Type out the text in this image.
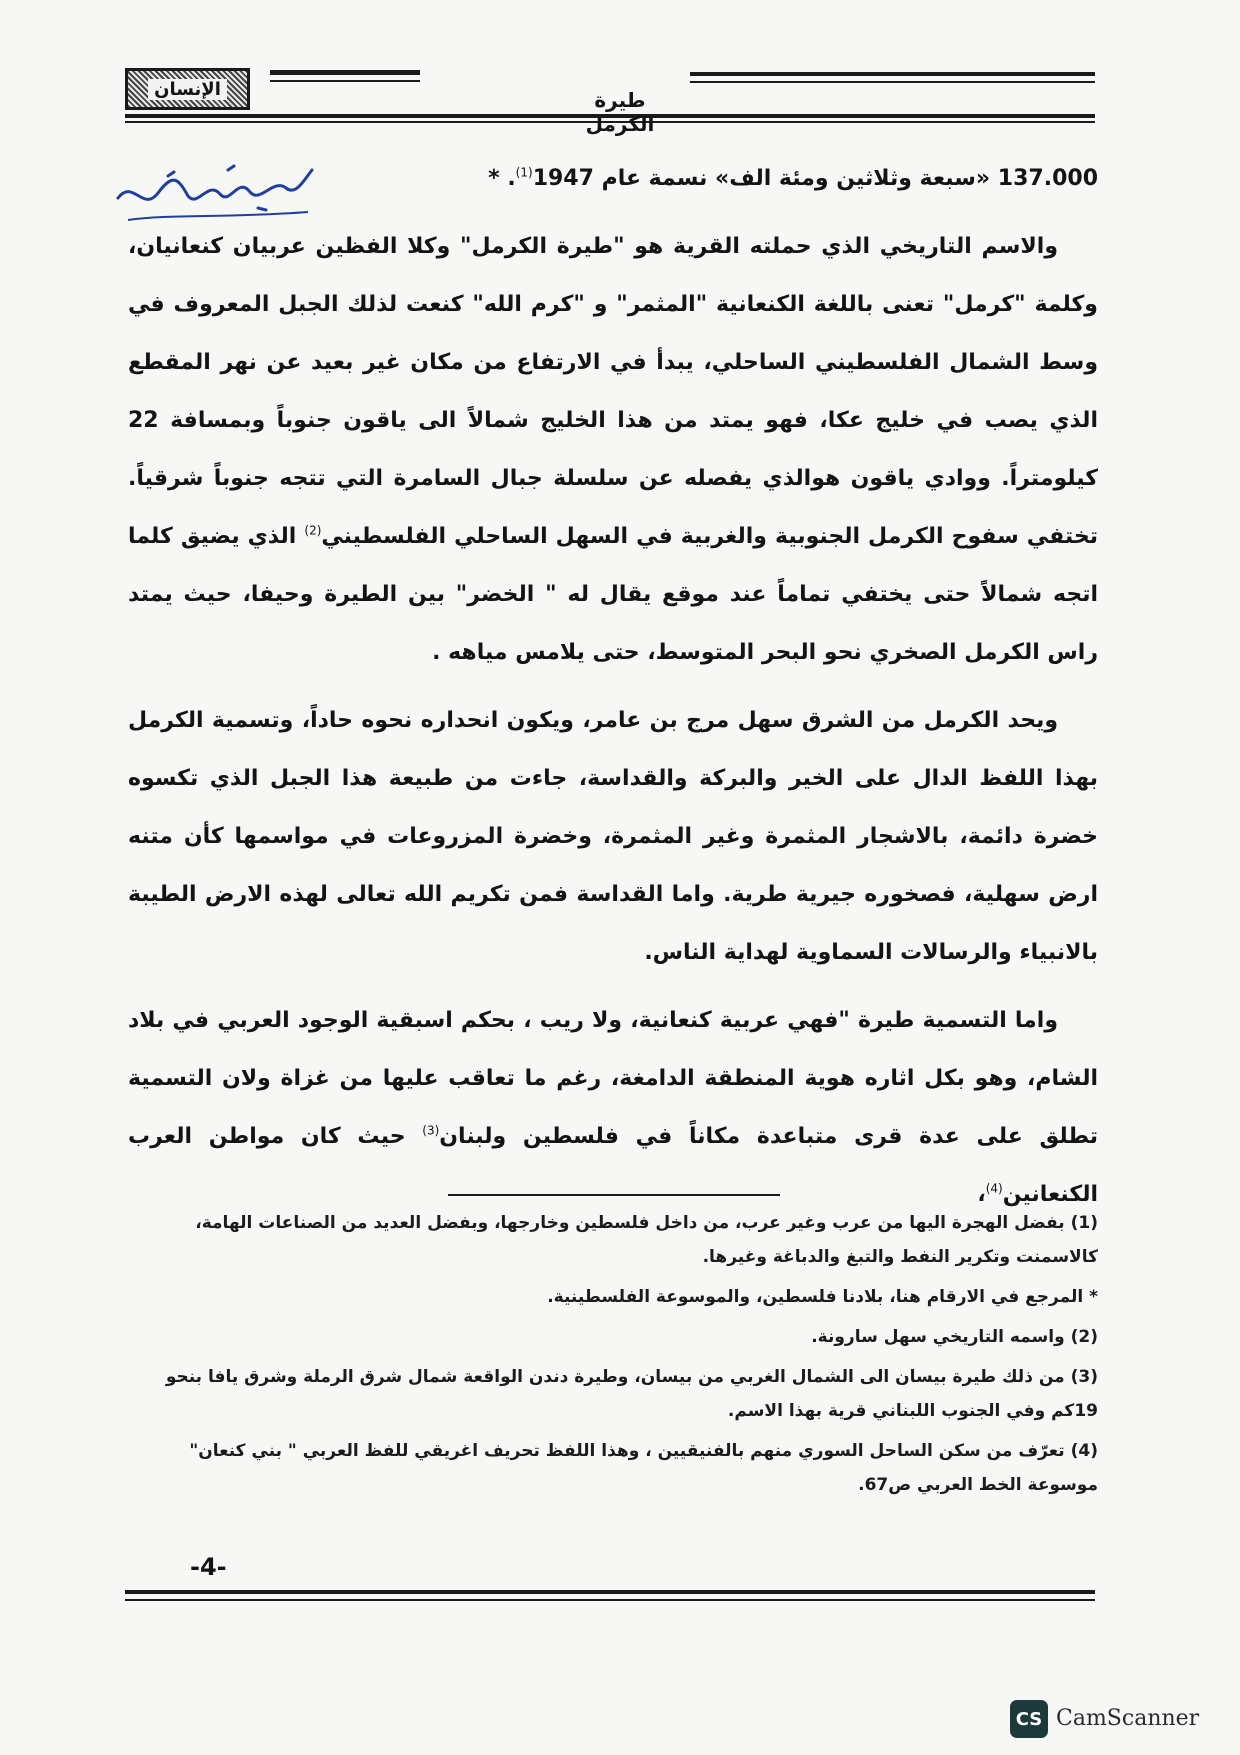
الإنسان	طيرة الكرمل

137.000 «سبعة وثلاثين ومئة الف» نسمة عام 1947$^{(1)}$. *

والاسم التاريخي الذي حملته القرية هو "طيرة الكرمل" وكلا الفظين عربيان كنعانيان، وكلمة "كرمل" تعنى باللغة الكنعانية "المثمر" و "كرم الله" كنعت لذلك الجبل المعروف في وسط الشمال الفلسطيني الساحلي، يبدأ في الارتفاع من مكان غير بعيد عن نهر المقطع الذي يصب في خليج عكا، فهو يمتد من هذا الخليج شمالاً الى ياقون جنوباً وبمسافة 22 كيلومتراً. ووادي ياقون هوالذي يفصله عن سلسلة جبال السامرة التي تتجه جنوباً شرقياً. تختفي سفوح الكرمل الجنوبية والغربية في السهل الساحلي الفلسطيني$^{(2)}$ الذي يضيق كلما اتجه شمالاً حتى يختفي تماماً عند موقع يقال له " الخضر" بين الطيرة وحيفا، حيث يمتد راس الكرمل الصخري نحو البحر المتوسط، حتى يلامس مياهه .

ويحد الكرمل من الشرق سهل مرج بن عامر، ويكون انحداره نحوه حاداً، وتسمية الكرمل بهذا اللفظ الدال على الخير والبركة والقداسة، جاءت من طبيعة هذا الجبل الذي تكسوه خضرة دائمة، بالاشجار المثمرة وغير المثمرة، وخضرة المزروعات في مواسمها كأن متنه ارض سهلية، فصخوره جيرية طرية. واما القداسة فمن تكريم الله تعالى لهذه الارض الطيبة بالانبياء والرسالات السماوية لهداية الناس.

واما التسمية طيرة "فهي عربية كنعانية، ولا ريب ، بحكم اسبقية الوجود العربي في بلاد الشام، وهو بكل اثاره هوية المنطقة الدامغة، رغم ما تعاقب عليها من غزاة ولان التسمية تطلق على عدة قرى متباعدة مكاناً في فلسطين ولبنان$^{(3)}$ حيث كان مواطن العرب الكنعانين$^{(4)}$،

(1) بفضل الهجرة اليها من عرب وغير عرب، من داخل فلسطين وخارجها، وبفضل العديد من الصناعات الهامة، كالاسمنت وتكرير النفط والتبغ والدباغة وغيرها.
* المرجع في الارقام هنا، بلادنا فلسطين، والموسوعة الفلسطينية.
(2) واسمه التاريخي سهل سارونة.
(3) من ذلك طيرة بيسان الى الشمال الغربي من بيسان، وطيرة دندن الواقعة شمال شرق الرملة وشرق يافا بنحو 19كم وفي الجنوب اللبناني قرية بهذا الاسم.
(4) تعرّف من سكن الساحل السوري منهم بالفنيقيين ، وهذا اللفظ تحريف اغريقي للفظ العربي " بني كنعان" موسوعة الخط العربي ص67.
-4-
CS CamScanner
